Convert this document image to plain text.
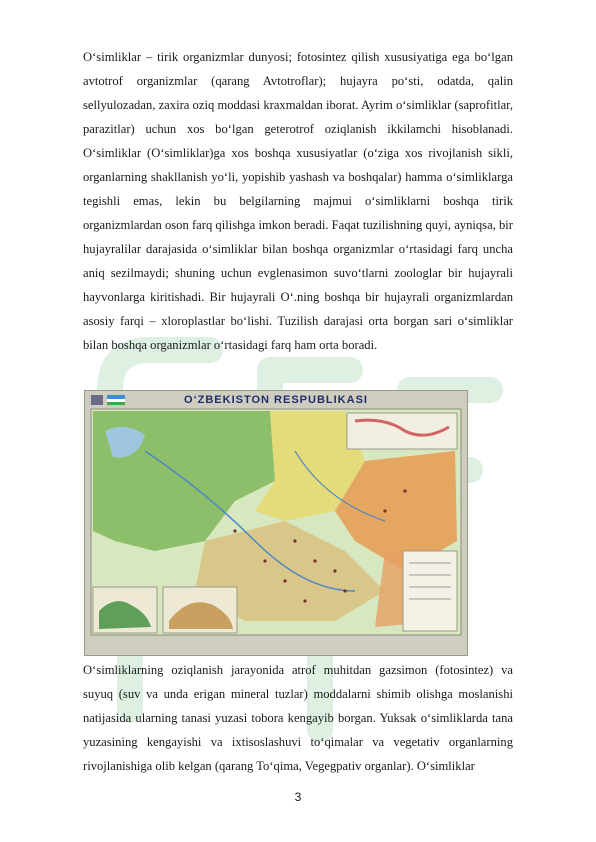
O‘simliklar – tirik organizmlar dunyosi; fotosintez qilish xususiyatiga ega bo‘lgan avtotrof organizmlar (qarang Avtotroflar); hujayra po‘sti, odatda, qalin sellyulozadan, zaxira oziq moddasi kraxmaldan iborat. Ayrim o‘simliklar (saprofitlar, parazitlar) uchun xos bo‘lgan geterotrof oziqlanish ikkilamchi hisoblanadi. O‘simliklar (O‘simliklar)ga xos boshqa xususiyatlar (o‘ziga xos rivojlanish sikli, organlarning shakllanish yo‘li, yopishib yashash va boshqalar) hamma o‘simliklarga tegishli emas, lekin bu belgilarning majmui o‘simliklarni boshqa tirik organizmlardan oson farq qilishga imkon beradi. Faqat tuzilishning quyi, ayniqsa, bir hujayralilar darajasida o‘simliklar bilan boshqa organizmlar o‘rtasidagi farq uncha aniq sezilmaydi; shuning uchun evglenasimon suvo‘tlarni zoologlar bir hujayrali hayvonlarga kiritishadi. Bir hujayrali O‘.ning boshqa bir hujayrali organizmlardan asosiy farqi – xloroplastlar bo‘lishi. Tuzilish darajasi orta borgan sari o‘simliklar bilan boshqa organizmlar o‘rtasidagi farq ham orta boradi.

O‘ZBEKISTON RESPUBLIKASI

O‘simliklarning oziqlanish jarayonida atrof muhitdan gazsimon (fotosintez) va suyuq (suv va unda erigan mineral tuzlar) moddalarni shimib olishga moslanishi natijasida ularning tanasi yuzasi tobora kengayib borgan. Yuksak o‘simliklarda tana yuzasining kengayishi va ixtisoslashuvi to‘qimalar va vegetativ organlarning rivojlanishiga olib kelgan (qarang To‘qima, Vegegpativ organlar). O‘simliklar

3
